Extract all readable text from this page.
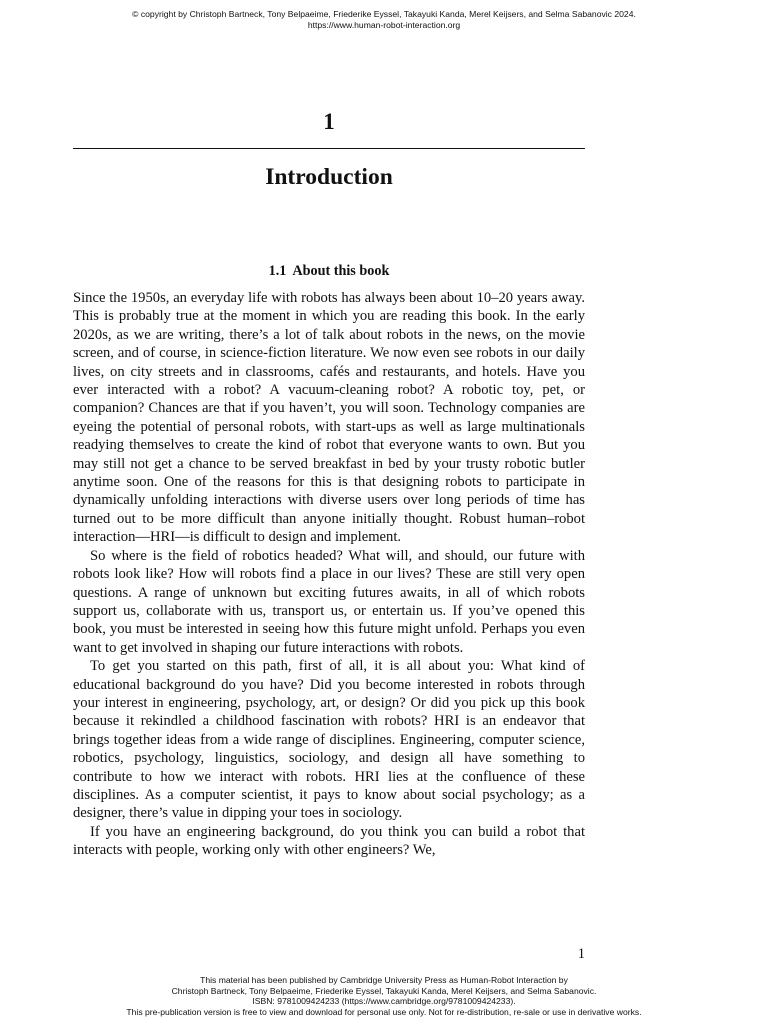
© copyright by Christoph Bartneck, Tony Belpaeime, Friederike Eyssel, Takayuki Kanda, Merel Keijsers, and Selma Sabanovic 2024.
https://www.human-robot-interaction.org
1
Introduction
1.1 About this book

Since the 1950s, an everyday life with robots has always been about 10–20 years away. This is probably true at the moment in which you are reading this book. In the early 2020s, as we are writing, there’s a lot of talk about robots in the news, on the movie screen, and of course, in science-fiction literature. We now even see robots in our daily lives, on city streets and in classrooms, cafés and restaurants, and hotels. Have you ever interacted with a robot? A vacuum-cleaning robot? A robotic toy, pet, or companion? Chances are that if you haven’t, you will soon. Technology companies are eyeing the potential of personal robots, with start-ups as well as large multinationals readying themselves to create the kind of robot that everyone wants to own. But you may still not get a chance to be served breakfast in bed by your trusty robotic butler anytime soon. One of the reasons for this is that designing robots to participate in dynamically unfolding interactions with diverse users over long periods of time has turned out to be more difficult than anyone initially thought. Robust human–robot interaction—HRI—is difficult to design and implement.

So where is the field of robotics headed? What will, and should, our future with robots look like? How will robots find a place in our lives? These are still very open questions. A range of unknown but exciting futures awaits, in all of which robots support us, collaborate with us, transport us, or entertain us. If you’ve opened this book, you must be interested in seeing how this future might unfold. Perhaps you even want to get involved in shaping our future interactions with robots.

To get you started on this path, first of all, it is all about you: What kind of educational background do you have? Did you become interested in robots through your interest in engineering, psychology, art, or design? Or did you pick up this book because it rekindled a childhood fascination with robots? HRI is an endeavor that brings together ideas from a wide range of disciplines. Engineering, computer science, robotics, psychology, linguistics, sociology, and design all have something to contribute to how we interact with robots. HRI lies at the confluence of these disciplines. As a computer scientist, it pays to know about social psychology; as a designer, there’s value in dipping your toes in sociology.

If you have an engineering background, do you think you can build a robot that interacts with people, working only with other engineers? We,

1
This material has been published by Cambridge University Press as Human-Robot Interaction by
Christoph Bartneck, Tony Belpaeime, Friederike Eyssel, Takayuki Kanda, Merel Keijsers, and Selma Sabanovic.
ISBN: 9781009424233 (https://www.cambridge.org/9781009424233).
This pre-publication version is free to view and download for personal use only. Not for re-distribution, re-sale or use in derivative works.
